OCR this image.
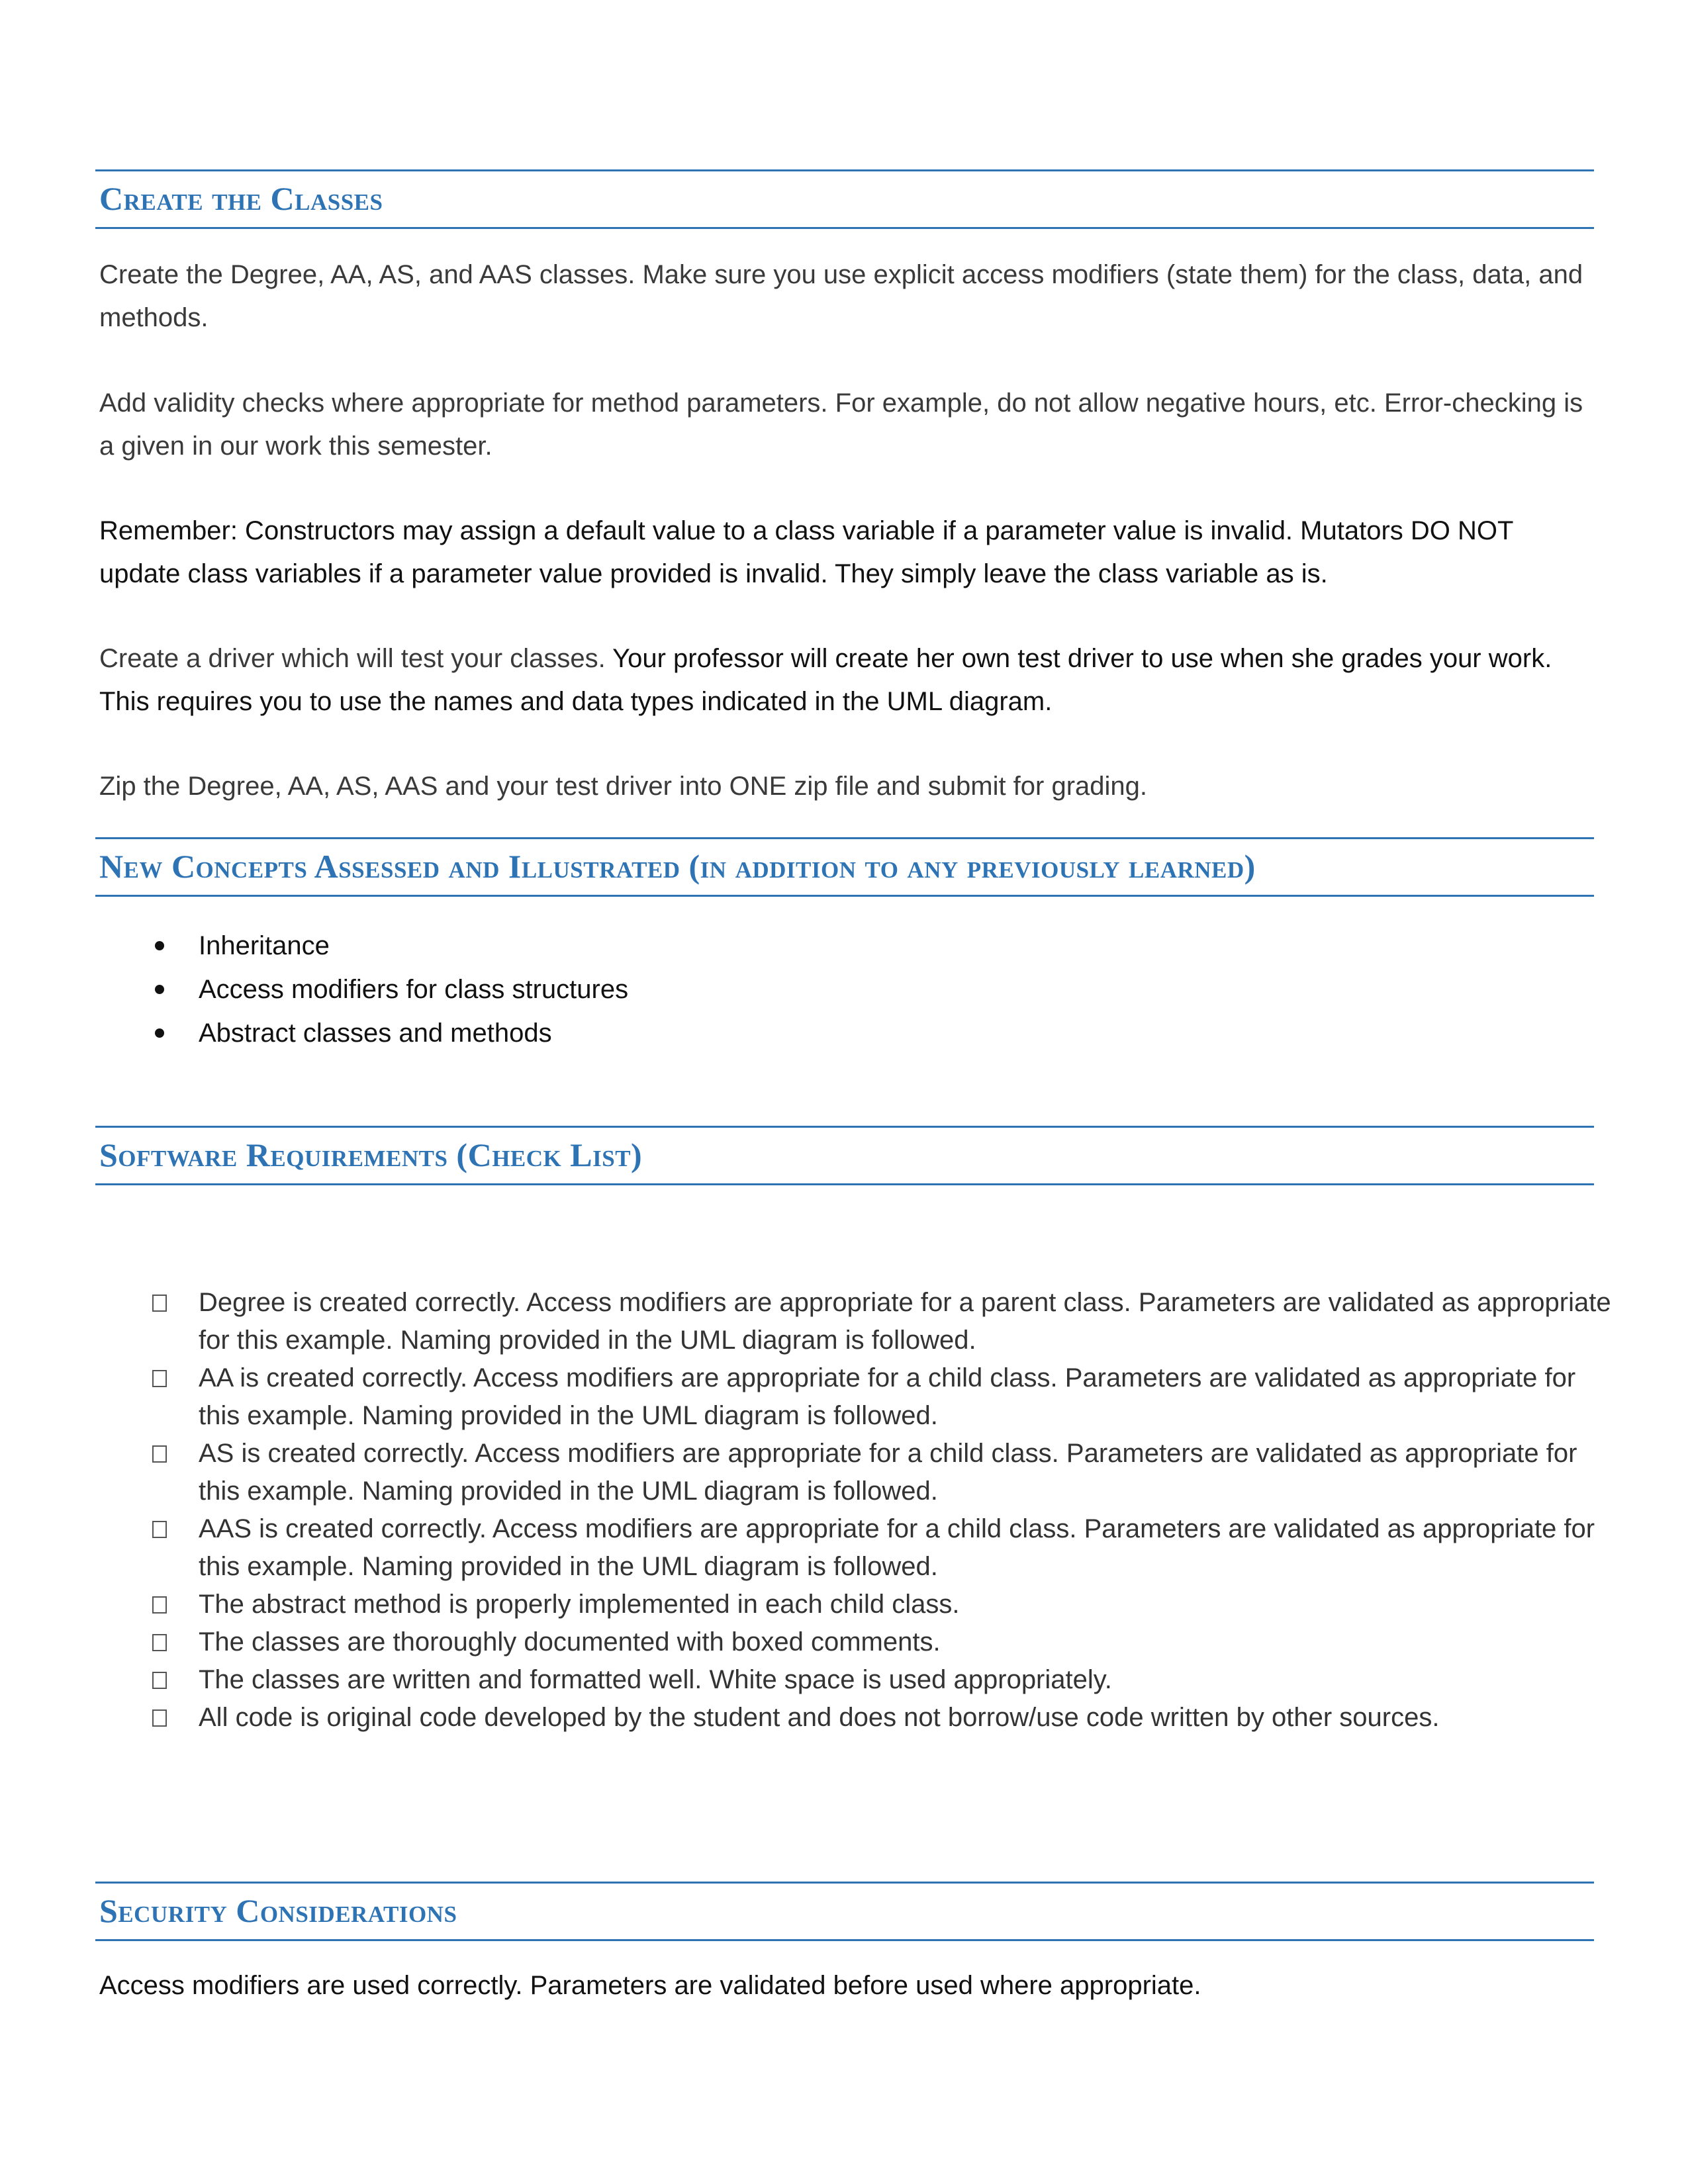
Create the Classes

Create the Degree, AA, AS, and AAS classes. Make sure you use explicit access modifiers (state them) for the class, data, and methods.

Add validity checks where appropriate for method parameters. For example, do not allow negative hours, etc. Error-checking is a given in our work this semester.

Remember: Constructors may assign a default value to a class variable if a parameter value is invalid. Mutators DO NOT update class variables if a parameter value provided is invalid. They simply leave the class variable as is.

Create a driver which will test your classes. Your professor will create her own test driver to use when she grades your work. This requires you to use the names and data types indicated in the UML diagram.

Zip the Degree, AA, AS, AAS and your test driver into ONE zip file and submit for grading.

New Concepts Assessed and Illustrated (in addition to any previously learned)
Inheritance
Access modifiers for class structures
Abstract classes and methods
Software Requirements (Check List)
Degree is created correctly. Access modifiers are appropriate for a parent class. Parameters are validated as appropriate for this example. Naming provided in the UML diagram is followed.
AA is created correctly. Access modifiers are appropriate for a child class. Parameters are validated as appropriate for this example. Naming provided in the UML diagram is followed.
AS is created correctly. Access modifiers are appropriate for a child class. Parameters are validated as appropriate for this example. Naming provided in the UML diagram is followed.
AAS is created correctly. Access modifiers are appropriate for a child class. Parameters are validated as appropriate for this example. Naming provided in the UML diagram is followed.
The abstract method is properly implemented in each child class.
The classes are thoroughly documented with boxed comments.
The classes are written and formatted well. White space is used appropriately.
All code is original code developed by the student and does not borrow/use code written by other sources.
Security Considerations

Access modifiers are used correctly. Parameters are validated before used where appropriate.
